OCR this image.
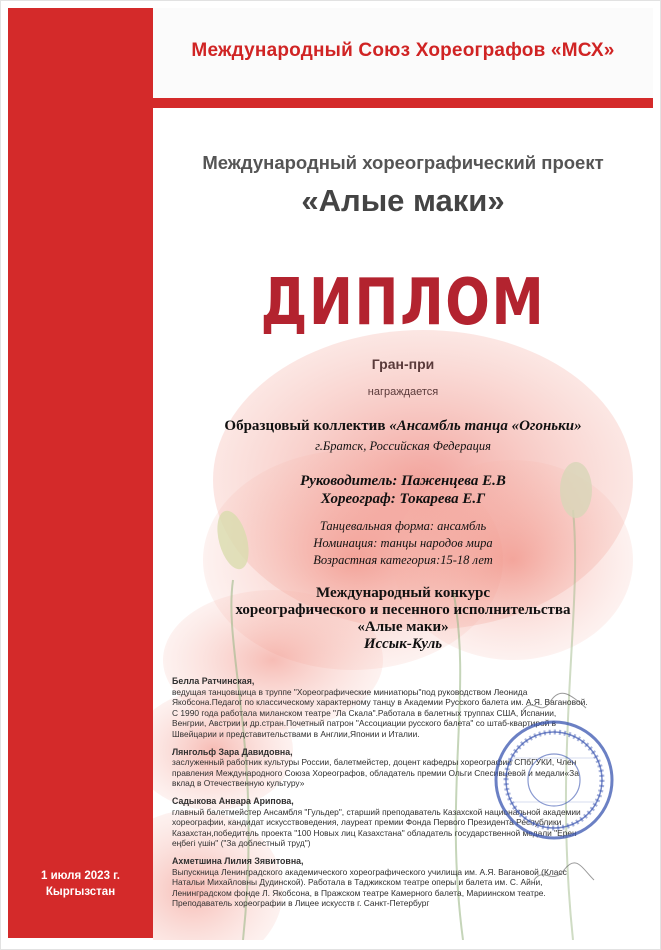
Международный Союз Хореографов «МСХ»
Международный хореографический проект
«Алые маки»
ДИПЛОМ
Гран-при
награждается
Образцовый коллектив «Ансамбль танца «Огоньки»
г.Братск, Российская Федерация
Руководитель: Паженцева Е.В
Хореограф: Токарева Е.Г
Танцевальная форма: ансамбль
Номинация: танцы народов мира
Возрастная категория:15-18 лет
Международный конкурс
хореографического и песенного исполнительства
«Алые маки»
Иссык-Куль
Белла Ратчинская,
ведущая танцовщица в труппе "Хореографические миниатюры"под руководством Леонида Якобсона.Педагог по классическому характерному танцу в Академии Русского балета им. А.Я. Вагановой. С 1990 года работала миланском театре "Ла Скала".Работала в балетных труппах США, Испании, Венгрии, Австрии и др.стран.Почетный патрон "Ассоциации русского балета" со штаб-квартирой в Швейцарии и представительствами в Англии,Японии и Италии.
Лянгольф Зара Давидовна,
заслуженный работник культуры России, балетмейстер, доцент кафедры хореографии СПбГУКИ, Член правления Международного Союза Хореографов, обладатель премии Ольги Спесивцевой и медали«За вклад в Отечественную культуру»
Садыкова Анвара Арипова,
главный балетмейстер Ансамбля "Гульдер", старший преподаватель Казахской национальной академии хореографии, кандидат искусствоведения, лауреат премии Фонда Первого Президента Республики Казахстан,победитель проекта "100 Новых лиц Казахстана" обладатель государственной медали "Ерен еңбегі үшін" ("За доблестный труд")
Ахметшина Лилия Зявитовна,
Выпускница Ленинградского академического хореографического училища им. А.Я. Вагановой (Класс Натальи Михайловны Дудинской). Работала в Таджикском театре оперы и балета им. С. Айни, Ленинградском фонде Л. Якобсона, в Пражском театре Камерного балета, Мариинском театре. Преподаватель хореографии в Лицее искусств г. Санкт-Петербург
1 июля 2023 г.
Кыргызстан
